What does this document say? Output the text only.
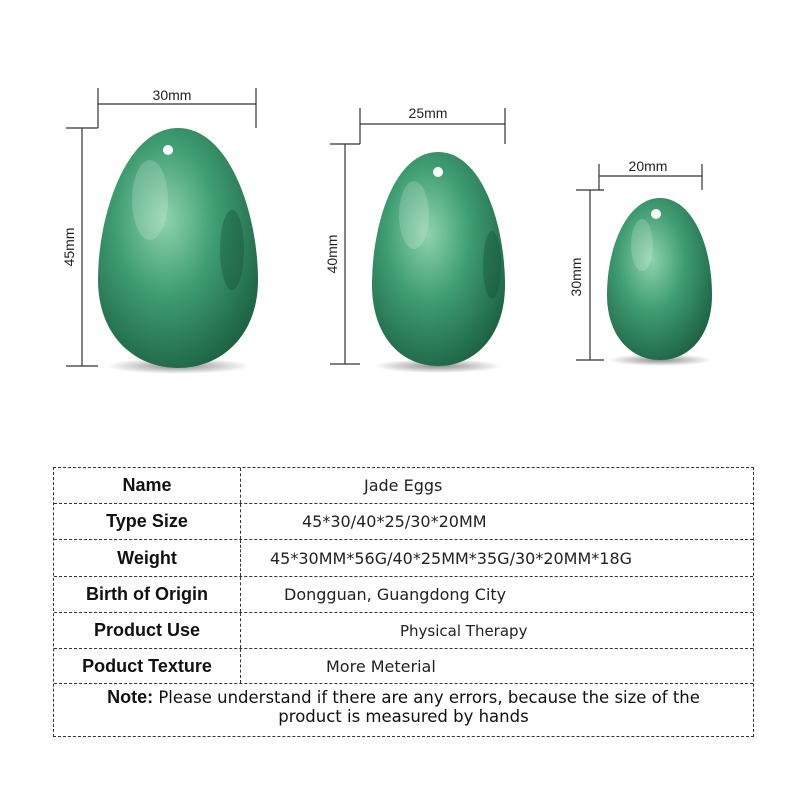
30mm
45mm
25mm
40mm
20mm
30mm
Name	Jade Eggs
Type Size	45*30/40*25/30*20MM
Weight	45*30MM*56G/40*25MM*35G/30*20MM*18G
Birth of Origin	Dongguan, Guangdong City
Product Use	Physical Therapy
Poduct Texture	More Meterial
Note: Please understand if there are any errors, because the size of the
product is measured by hands
